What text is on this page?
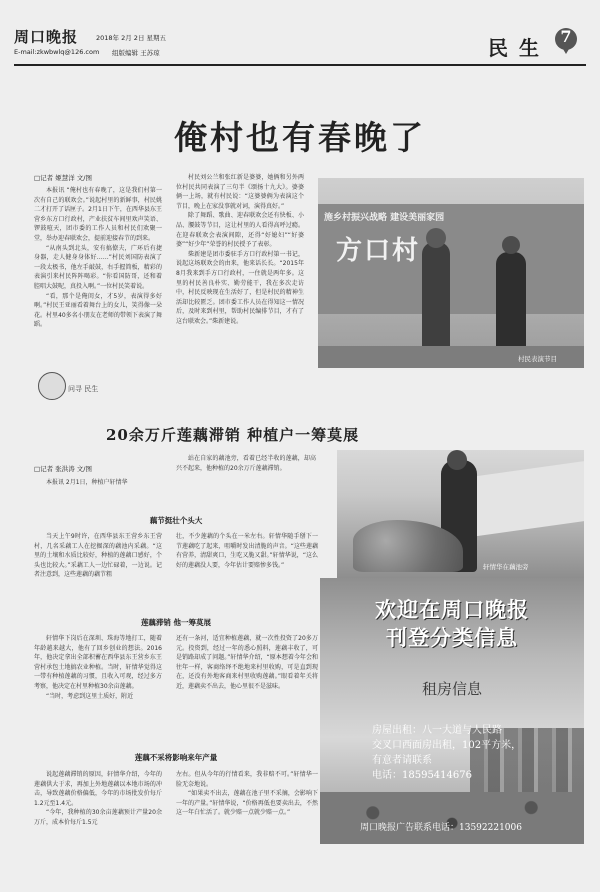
周口晚报	2018年 2月 2日 星期五
E-mail:zkwbwlq@126.com 组版编辑 王苏琼	民 生 7
俺村也有春晚了
□记者 姬慧洋 文/图
本报讯 “俺村也有春晚了，这是我们村第一次有自己的联欢会。”说起村里的新鲜事，村民姚二才打开了话匣子。2月1日下午，在西华县东王营乡东方口行政村，产业扶贫车间里欢声笑语、锣鼓喧天，团市委的工作人员和村民们欢聚一堂，举办迎春联欢会，提前迎接春节的到来。
“从南头到北头，安有搞僚夫，广环后有捷身器，走人健身身体好……”村民刘国防表演了一段太极书，他左手敲鼓，右手握简板，精彩的表演引来村民阵阵喝彩。“你看国防哥，还和着腔唱大鼓呢，真投入啊。”一位村民笑着说。
“看，那个是俺闺女，才5岁，表演得多好啊。”村民王亚丽看着舞台上的女儿，笑得像一朵花。村里40多名小朋友在老师的带领下表演了舞蹈。
村民刘公兰和张红新是婆婆，她俩和另外两位村民共同表演了三句半《颂扬十九大》。婆婆俩一上场，就有村民说：“这婆婆俩为表演这个节目，晚上在家没事就对词，演得真好。”
除了舞蹈、歌曲、迎春联欢会还有快板、小品、腰鼓等节目，这让村里的人看得高呼过瘾。在迎春联欢会表演间隙，还得“好媳妇”“好婆婆”“好少年”荣誉的村民授予了表彰。
柴新建是团市委驻手方口行政村第一书记，说起这场联欢会的由来，他来话长长。“2015年8月我来到手方口行政村，一住就是两年多。这里的村民善良朴实、勤劳能干，我在多次走访中，村民反映现在生活好了，但是村民的精神生活却比较匮乏。团市委工作人员在得知这一情况后，及时来到村里，帮助村民编排节目，才有了这台联欢会。”柴新建说。
施乡村振兴战略 建设美丽家园
方口村
村民表演节目
问寻 民生
20余万斤莲藕滞销 种植户一筹莫展
□记者 张洪涛 文/图
本报讯 2月1日，种植户轩情华
站在自家的藕池旁，看着已经半收的莲藕，却高兴不起来，他种植的20余万斤莲藕滞销。
轩情华在藕池旁
藕节挺壮个头大
当天上午9时许，在西华县东王营乡东王营村，几名采藕工人在挖掘深的藕池内采藕。“这里的土壤和水质比较好，种植的莲藕口感好，个头也比较大。”采藕工人一边忙碌着，一边说。记者注意到，这些莲藕的藕节粗
壮，不少莲藕的个头在一米左右。轩情华随手掰下一节莲藕吃了起来，咀嚼时发出清脆的声音。“这些莲藕有营养，清甜爽口，生吃又脆又甜。”轩情华说，“这么好的莲藕没人要，今年估计要赔惨多钱。”
莲藕滞销 他一筹莫展
轩情华下岗后在深圳、珠海等地打工，随着年龄越来越大，他有了回乡创业的想法。2016年，他决定拿出全部积蓄在西华县东王营乡东王营村承包土地搞农业种植。当时，轩情华觉得这一带有种植莲藕的习惯，且收入可观，经过多方考察，他决定在村里种植30余亩莲藕。
“当时，考虑到这里土质好，附近
还有一条河，适宜种植莲藕，就一次性投资了20多万元。投资到，经过一年的悉心照料，莲藕丰收了，可是销路却成了问题。”轩情华介绍，“原本想着今年会和往年一样，客商络绎不绝地来村里收购，可是直到现在，还没有外地客商来村里收购莲藕。”眼看着年关将近，莲藕卖不出去，他心里很不是滋味。
莲藕不采将影响来年产量
说起莲藕滞销的原因，轩情华介绍，今年的莲藕供大于求，再加上外地莲藕以本地市场的冲击，导致莲藕价格偏低，今年的市场批发价每斤1.2元至1.4元。
“今年，我种植的30余亩莲藕预计产量20余万斤，成本价每斤1.5元
左右。但从今年的行情看来，我非赔不可。”轩情华一脸无奈地说。
“如果卖不出去，莲藕在池子里不采摘，会影响下一年的产量。”轩情华说，“价格再低也要卖出去，不然这一年白忙活了。就少赔一点就少赔一点。”
欢迎在周口晚报
刊登分类信息
租房信息
房屋出租：八一大道与人民路
交叉口西面房出租，102平方米，
有意者请联系
电话：18595414676
周口晚报广告联系电话：13592221006
